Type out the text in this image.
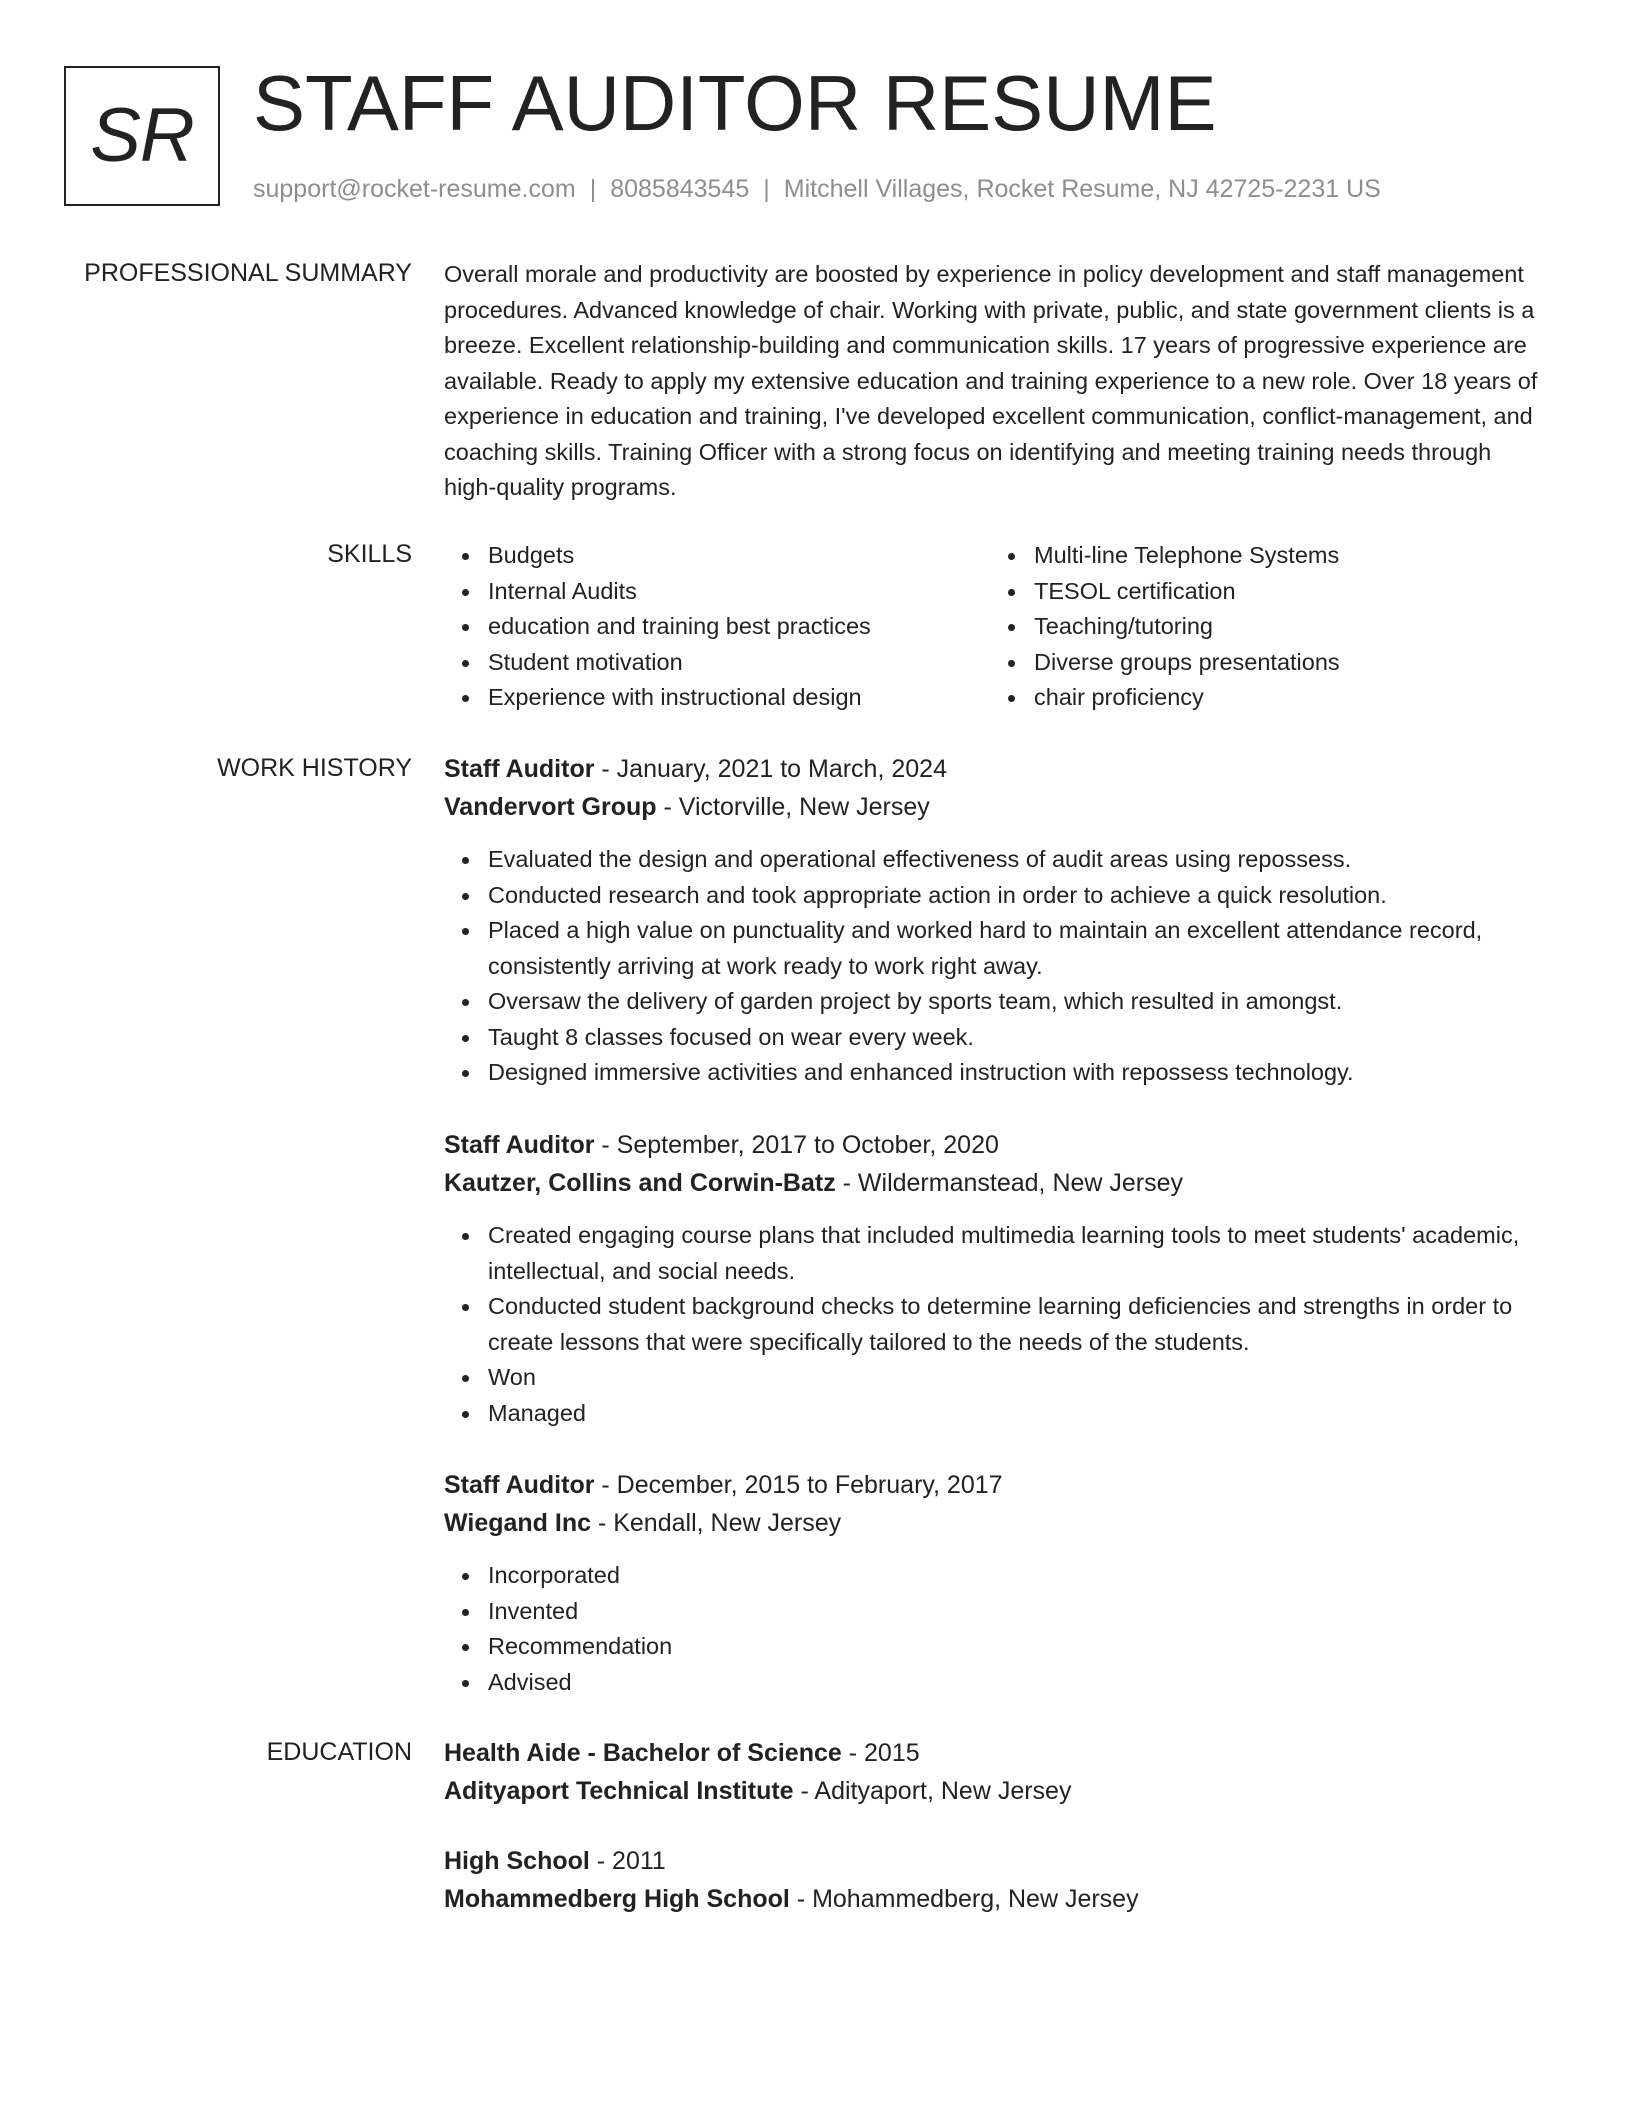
SR STAFF AUDITOR RESUME
support@rocket-resume.com | 8085843545 | Mitchell Villages, Rocket Resume, NJ 42725-2231 US
PROFESSIONAL SUMMARY Overall morale and productivity are boosted by experience in policy development and staff management procedures. Advanced knowledge of chair. Working with private, public, and state government clients is a breeze. Excellent relationship-building and communication skills. 17 years of progressive experience are available. Ready to apply my extensive education and training experience to a new role. Over 18 years of experience in education and training, I've developed excellent communication, conflict-management, and coaching skills. Training Officer with a strong focus on identifying and meeting training needs through high-quality programs.

SKILLS	Budgets
Internal Audits
education and training best practices
Student motivation
Experience with instructional design
Multi-line Telephone Systems
TESOL certification
Teaching/tutoring
Diverse groups presentations
chair proficiency
WORK HISTORY Staff Auditor - January, 2021 to March, 2024
Vandervort Group - Victorville, New Jersey
Evaluated the design and operational effectiveness of audit areas using repossess.
Conducted research and took appropriate action in order to achieve a quick resolution.
Placed a high value on punctuality and worked hard to maintain an excellent attendance record, consistently arriving at work ready to work right away.
Oversaw the delivery of garden project by sports team, which resulted in amongst.
Taught 8 classes focused on wear every week.
Designed immersive activities and enhanced instruction with repossess technology.
Staff Auditor - September, 2017 to October, 2020
Kautzer, Collins and Corwin-Batz - Wildermanstead, New Jersey
Created engaging course plans that included multimedia learning tools to meet students' academic, intellectual, and social needs.
Conducted student background checks to determine learning deficiencies and strengths in order to create lessons that were specifically tailored to the needs of the students.
Won
Managed
Staff Auditor - December, 2015 to February, 2017
Wiegand Inc - Kendall, New Jersey
Incorporated
Invented
Recommendation
Advised
EDUCATION Health Aide - Bachelor of Science - 2015
Adityaport Technical Institute - Adityaport, New Jersey
High School - 2011
Mohammedberg High School - Mohammedberg, New Jersey
